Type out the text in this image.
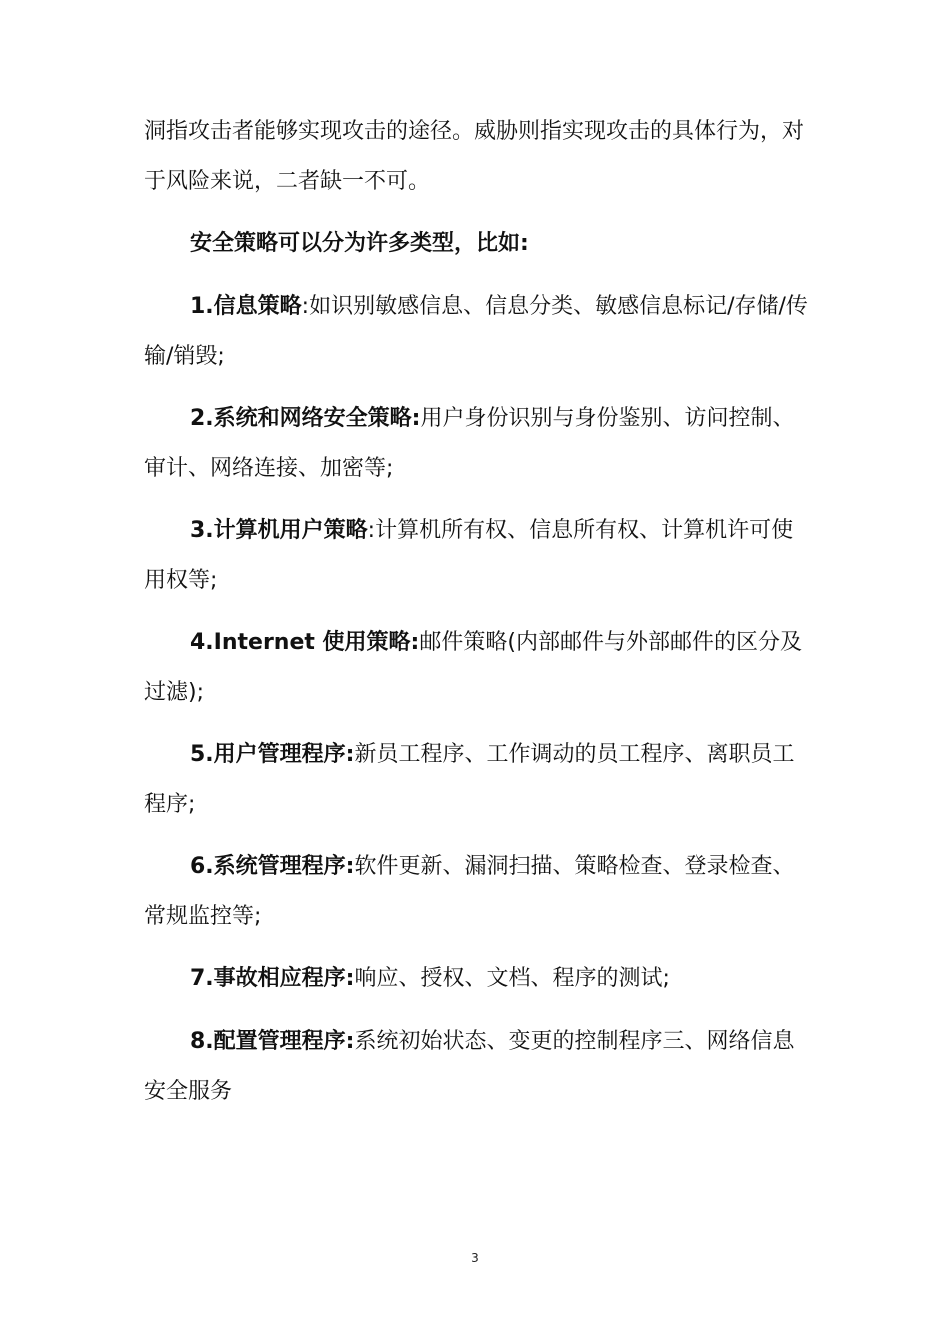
洞指攻击者能够实现攻击的途径。威胁则指实现攻击的具体行为，对于风险来说，二者缺一不可。

安全策略可以分为许多类型，比如:

1.信息策略:如识别敏感信息、信息分类、敏感信息标记/存储/传输/销毁;

2.系统和网络安全策略:用户身份识别与身份鉴别、访问控制、审计、网络连接、加密等;

3.计算机用户策略:计算机所有权、信息所有权、计算机许可使用权等;

4.Internet 使用策略:邮件策略(内部邮件与外部邮件的区分及过滤);

5.用户管理程序:新员工程序、工作调动的员工程序、离职员工程序;

6.系统管理程序:软件更新、漏洞扫描、策略检查、登录检查、常规监控等;

7.事故相应程序:响应、授权、文档、程序的测试;

8.配置管理程序:系统初始状态、变更的控制程序三、网络信息安全服务

3
